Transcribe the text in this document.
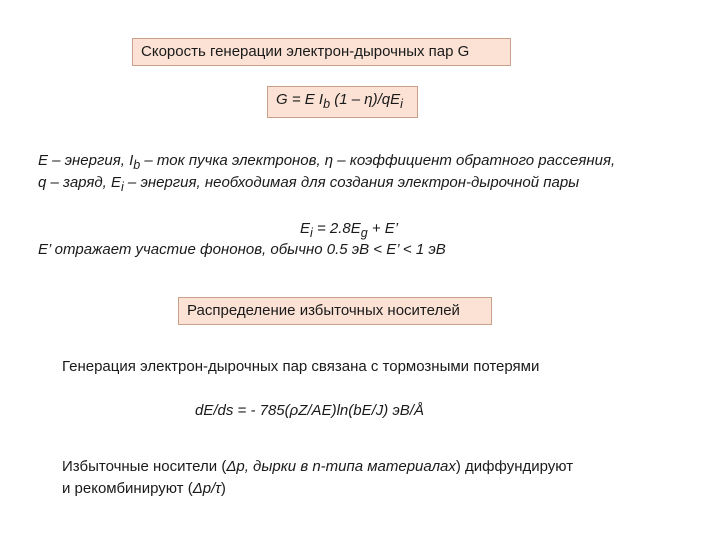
Скорость генерации электрон-дырочных пар G
G = E $I_b$ $(1 - \eta)/qE_i$
E – энергия, $I_b$ – ток пучка электронов, η – коэффициент обратного рассеяния,
q – заряд, $E_i$ – энергия, необходимая для создания электрон-дырочной пары
$E_i = 2.8E_g + E$’
E’ отражает участие фононов, обычно 0.5 эВ < E’ < 1 эВ
Распределение избыточных носителей
Генерация электрон-дырочных пар связана с тормозными потерями
dE/ds = - 785(ρZ/AE)ln(bE/J) эВ/Å
Избыточные носители (Δp, дырки в n-типа материалах) диффундируют
и рекомбинируют (Δp/τ)
